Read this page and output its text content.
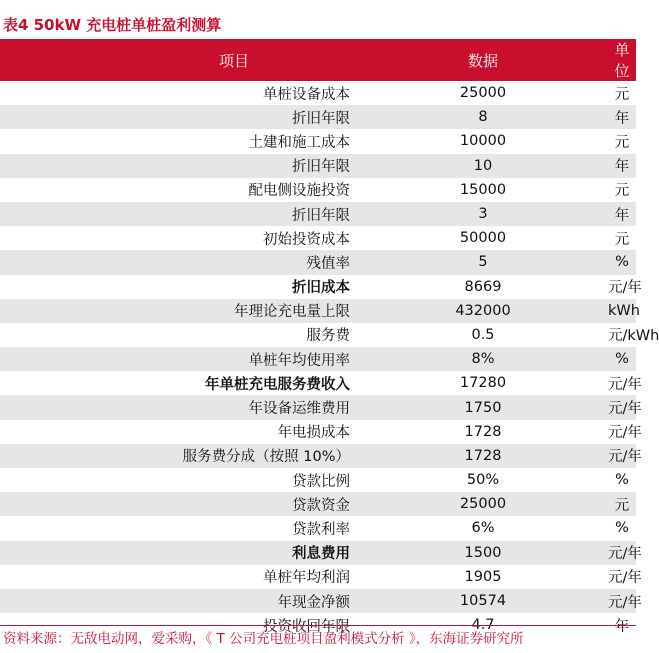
表4 50kW 充电桩单桩盈利测算
项目	数据	单位
单桩设备成本	25000	元
折旧年限	8	年
土建和施工成本	10000	元
折旧年限	10	年
配电侧设施投资	15000	元
折旧年限	3	年
初始投资成本	50000	元
残值率	5	%
折旧成本	8669	元/年
年理论充电量上限	432000	kWh
服务费	0.5	元/kWh
单桩年均使用率	8%	%
年单桩充电服务费收入	17280	元/年
年设备运维费用	1750	元/年
年电损成本	1728	元/年
服务费分成（按照 10%）	1728	元/年
贷款比例	50%	%
贷款资金	25000	元
贷款利率	6%	%
利息费用	1500	元/年
单桩年均利润	1905	元/年
年现金净额	10574	元/年
投资收回年限	4.7	年
资料来源：无敌电动网，爱采购，《 T 公司充电桩项目盈利模式分析 》，东海证券研究所
